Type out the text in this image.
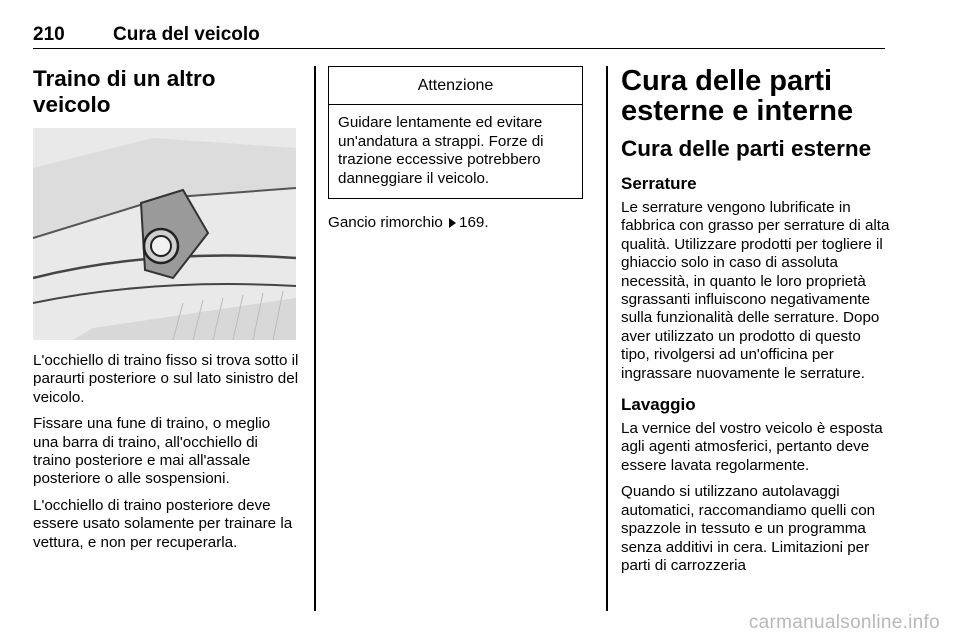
210	Cura del veicolo
Traino di un altro veicolo

L'occhiello di traino fisso si trova sotto il paraurti posteriore o sul lato sinistro del veicolo.

Fissare una fune di traino, o meglio una barra di traino, all'occhiello di traino posteriore e mai all'assale posteriore o alle sospensioni.

L'occhiello di traino posteriore deve essere usato solamente per trainare la vettura, e non per recuperarla.

Attenzione
Guidare lentamente ed evitare un'andatura a strappi. Forze di trazione eccessive potrebbero danneggiare il veicolo.

Gancio rimorchio 169.

Cura delle parti esterne e interne
Cura delle parti esterne
Serrature

Le serrature vengono lubrificate in fabbrica con grasso per serrature di alta qualità. Utilizzare prodotti per togliere il ghiaccio solo in caso di assoluta necessità, in quanto le loro proprietà sgrassanti influiscono negativamente sulla funzionalità delle serrature. Dopo aver utilizzato un prodotto di questo tipo, rivolgersi ad un'officina per ingrassare nuovamente le serrature.

Lavaggio

La vernice del vostro veicolo è esposta agli agenti atmosferici, pertanto deve essere lavata regolarmente.

Quando si utilizzano autolavaggi automatici, raccomandiamo quelli con spazzole in tessuto e un programma senza additivi in cera. Limitazioni per parti di carrozzeria

carmanualsonline.info
